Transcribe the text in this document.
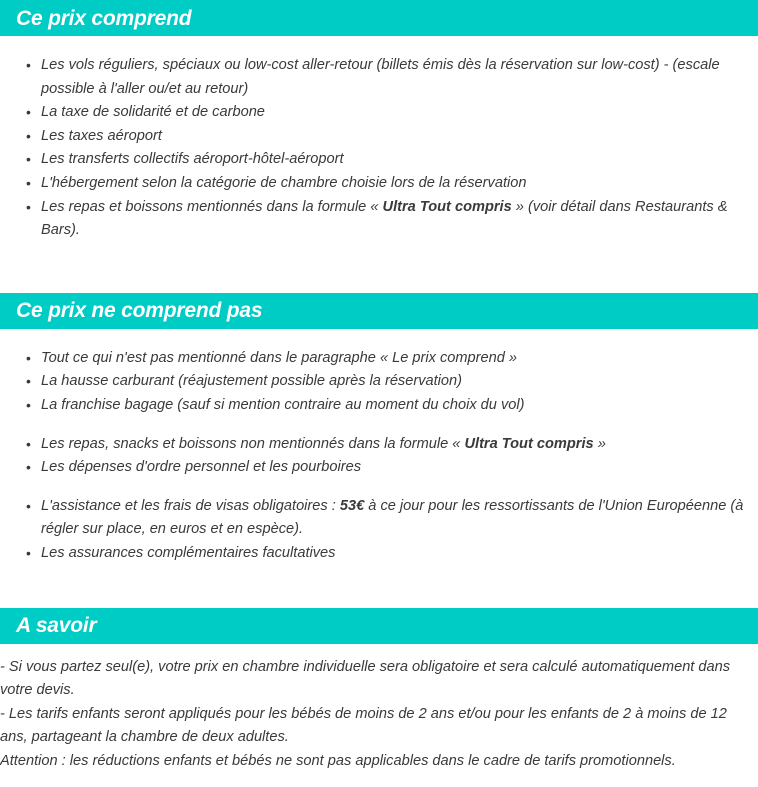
Ce prix comprend
• Les vols réguliers, spéciaux ou low-cost aller-retour (billets émis dès la réservation sur low-cost) - (escale possible à l'aller ou/et au retour)
• La taxe de solidarité et de carbone
• Les taxes aéroport
• Les transferts collectifs aéroport-hôtel-aéroport
• L'hébergement selon la catégorie de chambre choisie lors de la réservation
• Les repas et boissons mentionnés dans la formule « Ultra Tout compris » (voir détail dans Restaurants & Bars).
Ce prix ne comprend pas
• Tout ce qui n'est pas mentionné dans le paragraphe « Le prix comprend »
• La hausse carburant (réajustement possible après la réservation)
• La franchise bagage (sauf si mention contraire au moment du choix du vol)
• Les repas, snacks et boissons non mentionnés dans la formule « Ultra Tout compris »
• Les dépenses d'ordre personnel et les pourboires
• L'assistance et les frais de visas obligatoires : 53€ à ce jour pour les ressortissants de l'Union Européenne (à régler sur place, en euros et en espèce).
• Les assurances complémentaires facultatives
A savoir

- Si vous partez seul(e), votre prix en chambre individuelle sera obligatoire et sera calculé automatiquement dans votre devis.

- Les tarifs enfants seront appliqués pour les bébés de moins de 2 ans et/ou pour les enfants de 2 à moins de 12 ans, partageant la chambre de deux adultes.

Attention : les réductions enfants et bébés ne sont pas applicables dans le cadre de tarifs promotionnels.
